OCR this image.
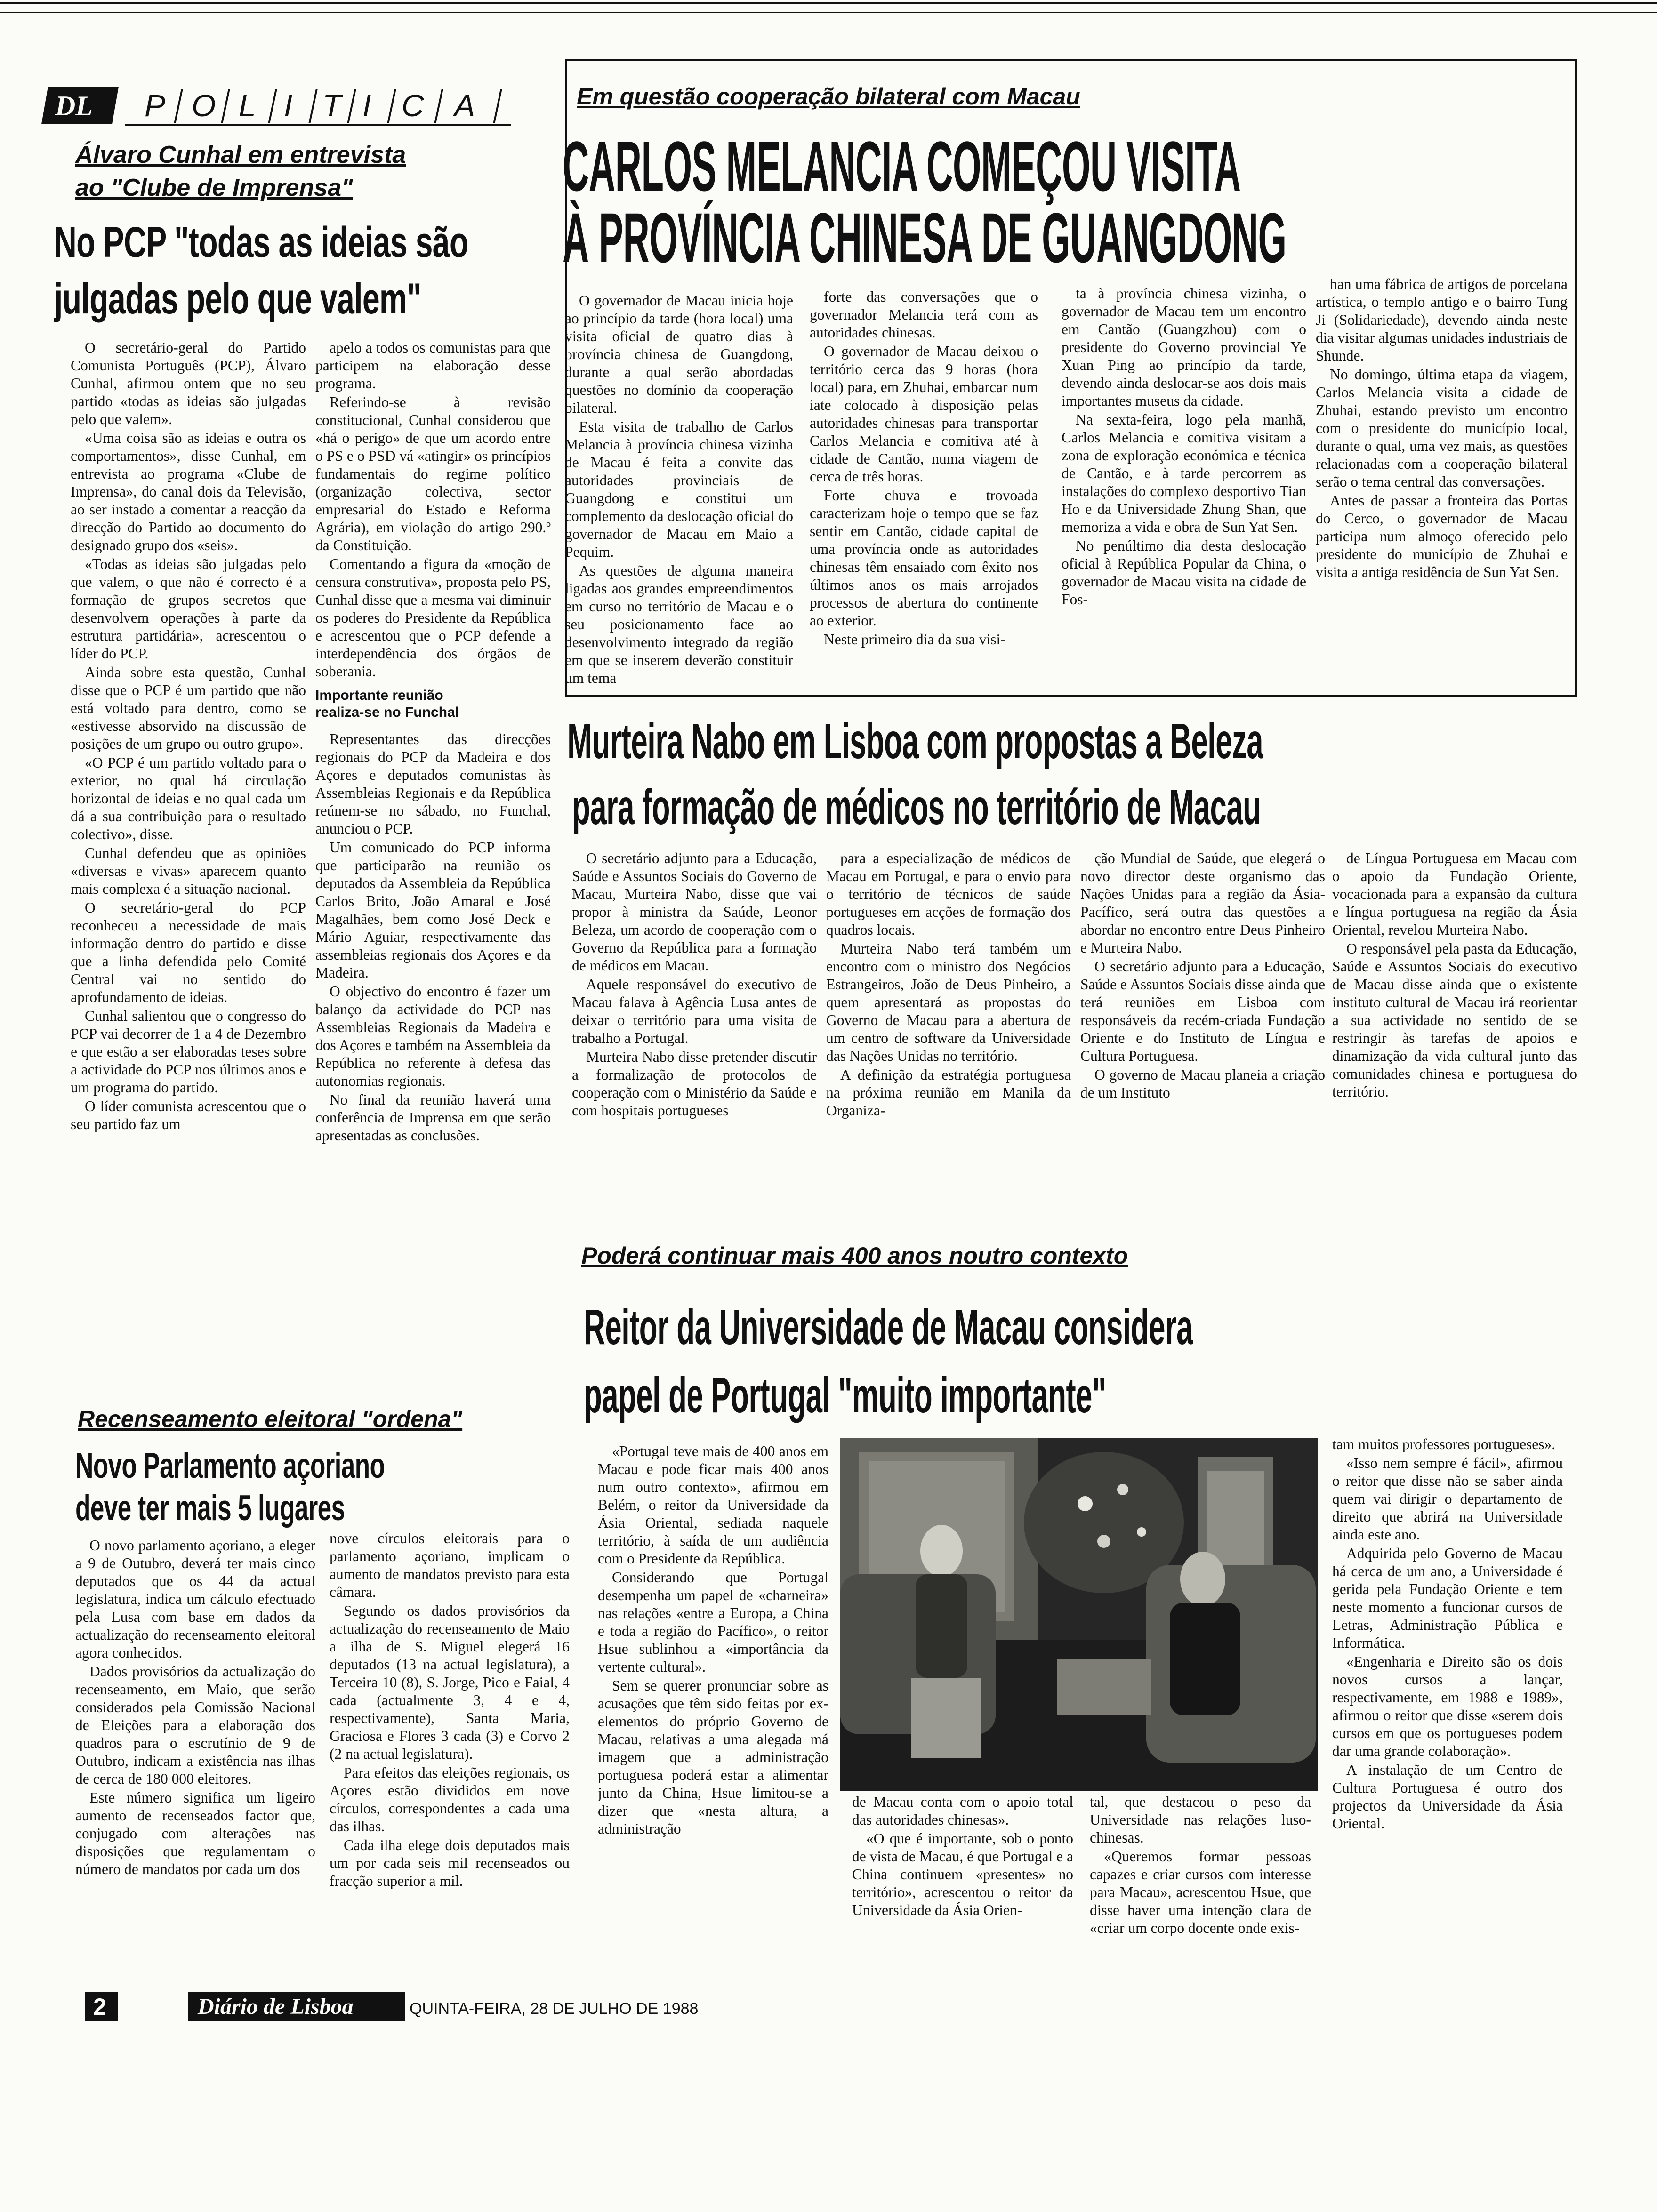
DL P O L I T I C A
Álvaro Cunhal em entrevista
ao "Clube de Imprensa"
No PCP "todas as ideias são
julgadas pelo que valem"

O secretário-geral do Partido Comunista Português (PCP), Álvaro Cunhal, afirmou ontem que no seu partido «todas as ideias são julgadas pelo que valem».

«Uma coisa são as ideias e outra os comportamentos», disse Cunhal, em entrevista ao programa «Clube de Imprensa», do canal dois da Televisão, ao ser instado a comentar a reacção da direcção do Partido ao documento do designado grupo dos «seis».

«Todas as ideias são julgadas pelo que valem, o que não é correcto é a formação de grupos secretos que desenvolvem operações à parte da estrutura partidária», acrescentou o líder do PCP.

Ainda sobre esta questão, Cunhal disse que o PCP é um partido que não está voltado para dentro, como se «estivesse absorvido na discussão de posições de um grupo ou outro grupo».

«O PCP é um partido voltado para o exterior, no qual há circulação horizontal de ideias e no qual cada um dá a sua contribuição para o resultado colectivo», disse.

Cunhal defendeu que as opiniões «diversas e vivas» aparecem quanto mais complexa é a situação nacional.

O secretário-geral do PCP reconheceu a necessidade de mais informação dentro do partido e disse que a linha defendida pelo Comité Central vai no sentido do aprofundamento de ideias.

Cunhal salientou que o congresso do PCP vai decorrer de 1 a 4 de Dezembro e que estão a ser elaboradas teses sobre a actividade do PCP nos últimos anos e um programa do partido.

O líder comunista acrescentou que o seu partido faz um

apelo a todos os comunistas para que participem na elaboração desse programa.

Referindo-se à revisão constitucional, Cunhal considerou que «há o perigo» de que um acordo entre o PS e o PSD vá «atingir» os princípios fundamentais do regime político (organização colectiva, sector empresarial do Estado e Reforma Agrária), em violação do artigo 290.º da Constituição.

Comentando a figura da «moção de censura construtiva», proposta pelo PS, Cunhal disse que a mesma vai diminuir os poderes do Presidente da República e acrescentou que o PCP defende a interdependência dos órgãos de soberania.

Importante reunião
realiza-se no Funchal

Representantes das direcções regionais do PCP da Madeira e dos Açores e deputados comunistas às Assembleias Regionais e da República reúnem-se no sábado, no Funchal, anunciou o PCP.

Um comunicado do PCP informa que participarão na reunião os deputados da Assembleia da República Carlos Brito, João Amaral e José Magalhães, bem como José Deck e Mário Aguiar, respectivamente das assembleias regionais dos Açores e da Madeira.

O objectivo do encontro é fazer um balanço da actividade do PCP nas Assembleias Regionais da Madeira e dos Açores e também na Assembleia da República no referente à defesa das autonomias regionais.

No final da reunião haverá uma conferência de Imprensa em que serão apresentadas as conclusões.

Em questão cooperação bilateral com Macau
CARLOS MELANCIA COMEÇOU VISITA
À PROVÍNCIA CHINESA DE GUANGDONG

O governador de Macau inicia hoje ao princípio da tarde (hora local) uma visita oficial de quatro dias à província chinesa de Guangdong, durante a qual serão abordadas questões no domínio da cooperação bilateral.

Esta visita de trabalho de Carlos Melancia à província chinesa vizinha de Macau é feita a convite das autoridades provinciais de Guangdong e constitui um complemento da deslocação oficial do governador de Macau em Maio a Pequim.

As questões de alguma maneira ligadas aos grandes empreendimentos em curso no território de Macau e o seu posicionamento face ao desenvolvimento integrado da região em que se inserem deverão constituir um tema

forte das conversações que o governador Melancia terá com as autoridades chinesas.

O governador de Macau deixou o território cerca das 9 horas (hora local) para, em Zhuhai, embarcar num iate colocado à disposição pelas autoridades chinesas para transportar Carlos Melancia e comitiva até à cidade de Cantão, numa viagem de cerca de três horas.

Forte chuva e trovoada caracterizam hoje o tempo que se faz sentir em Cantão, cidade capital de uma província onde as autoridades chinesas têm ensaiado com êxito nos últimos anos os mais arrojados processos de abertura do continente ao exterior.

Neste primeiro dia da sua visi-

ta à província chinesa vizinha, o governador de Macau tem um encontro em Cantão (Guangzhou) com o presidente do Governo provincial Ye Xuan Ping ao princípio da tarde, devendo ainda deslocar-se aos dois mais importantes museus da cidade.

Na sexta-feira, logo pela manhã, Carlos Melancia e comitiva visitam a zona de exploração económica e técnica de Cantão, e à tarde percorrem as instalações do complexo desportivo Tian Ho e da Universidade Zhung Shan, que memoriza a vida e obra de Sun Yat Sen.

No penúltimo dia desta deslocação oficial à República Popular da China, o governador de Macau visita na cidade de Fos-

han uma fábrica de artigos de porcelana artística, o templo antigo e o bairro Tung Ji (Solidariedade), devendo ainda neste dia visitar algumas unidades industriais de Shunde.

No domingo, última etapa da viagem, Carlos Melancia visita a cidade de Zhuhai, estando previsto um encontro com o presidente do município local, durante o qual, uma vez mais, as questões relacionadas com a cooperação bilateral serão o tema central das conversações.

Antes de passar a fronteira das Portas do Cerco, o governador de Macau participa num almoço oferecido pelo presidente do município de Zhuhai e visita a antiga residência de Sun Yat Sen.

Murteira Nabo em Lisboa com propostas a Beleza
para formação de médicos no território de Macau

O secretário adjunto para a Educação, Saúde e Assuntos Sociais do Governo de Macau, Murteira Nabo, disse que vai propor à ministra da Saúde, Leonor Beleza, um acordo de cooperação com o Governo da República para a formação de médicos em Macau.

Aquele responsável do executivo de Macau falava à Agência Lusa antes de deixar o território para uma visita de trabalho a Portugal.

Murteira Nabo disse pretender discutir a formalização de protocolos de cooperação com o Ministério da Saúde e com hospitais portugueses

para a especialização de médicos de Macau em Portugal, e para o envio para o território de técnicos de saúde portugueses em acções de formação dos quadros locais.

Murteira Nabo terá também um encontro com o ministro dos Negócios Estrangeiros, João de Deus Pinheiro, a quem apresentará as propostas do Governo de Macau para a abertura de um centro de software da Universidade das Nações Unidas no território.

A definição da estratégia portuguesa na próxima reunião em Manila da Organiza-

ção Mundial de Saúde, que elegerá o novo director deste organismo das Nações Unidas para a região da Ásia-Pacífico, será outra das questões a abordar no encontro entre Deus Pinheiro e Murteira Nabo.

O secretário adjunto para a Educação, Saúde e Assuntos Sociais disse ainda que terá reuniões em Lisboa com responsáveis da recém-criada Fundação Oriente e do Instituto de Língua e Cultura Portuguesa.

O governo de Macau planeia a criação de um Instituto

de Língua Portuguesa em Macau com o apoio da Fundação Oriente, vocacionada para a expansão da cultura e língua portuguesa na região da Ásia Oriental, revelou Murteira Nabo.

O responsável pela pasta da Educação, Saúde e Assuntos Sociais do executivo de Macau disse ainda que o existente instituto cultural de Macau irá reorientar a sua actividade no sentido de se restringir às tarefas de apoios e dinamização da vida cultural junto das comunidades chinesa e portuguesa do território.

Poderá continuar mais 400 anos noutro contexto
Reitor da Universidade de Macau considera
papel de Portugal "muito importante"

«Portugal teve mais de 400 anos em Macau e pode ficar mais 400 anos num outro contexto», afirmou em Belém, o reitor da Universidade da Ásia Oriental, sediada naquele território, à saída de um audiência com o Presidente da República.

Considerando que Portugal desempenha um papel de «charneira» nas relações «entre a Europa, a China e toda a região do Pacífico», o reitor Hsue sublinhou a «importância da vertente cultural».

Sem se querer pronunciar sobre as acusações que têm sido feitas por ex-elementos do próprio Governo de Macau, relativas a uma alegada má imagem que a administração portuguesa poderá estar a alimentar junto da China, Hsue limitou-se a dizer que «nesta altura, a administração

de Macau conta com o apoio total das autoridades chinesas».

«O que é importante, sob o ponto de vista de Macau, é que Portugal e a China continuem «presentes» no território», acrescentou o reitor da Universidade da Ásia Orien-

tal, que destacou o peso da Universidade nas relações luso-chinesas.

«Queremos formar pessoas capazes e criar cursos com interesse para Macau», acrescentou Hsue, que disse haver uma intenção clara de «criar um corpo docente onde exis-

tam muitos professores portugueses».

«Isso nem sempre é fácil», afirmou o reitor que disse não se saber ainda quem vai dirigir o departamento de direito que abrirá na Universidade ainda este ano.

Adquirida pelo Governo de Macau há cerca de um ano, a Universidade é gerida pela Fundação Oriente e tem neste momento a funcionar cursos de Letras, Administração Pública e Informática.

«Engenharia e Direito são os dois novos cursos a lançar, respectivamente, em 1988 e 1989», afirmou o reitor que disse «serem dois cursos em que os portugueses podem dar uma grande colaboração».

A instalação de um Centro de Cultura Portuguesa é outro dos projectos da Universidade da Ásia Oriental.

Recenseamento eleitoral "ordena"
Novo Parlamento açoriano
deve ter mais 5 lugares

O novo parlamento açoriano, a eleger a 9 de Outubro, deverá ter mais cinco deputados que os 44 da actual legislatura, indica um cálculo efectuado pela Lusa com base em dados da actualização do recenseamento eleitoral agora conhecidos.

Dados provisórios da actualização do recenseamento, em Maio, que serão considerados pela Comissão Nacional de Eleições para a elaboração dos quadros para o escrutínio de 9 de Outubro, indicam a existência nas ilhas de cerca de 180 000 eleitores.

Este número significa um ligeiro aumento de recenseados factor que, conjugado com alterações nas disposições que regulamentam o número de mandatos por cada um dos

nove círculos eleitorais para o parlamento açoriano, implicam o aumento de mandatos previsto para esta câmara.

Segundo os dados provisórios da actualização do recenseamento de Maio a ilha de S. Miguel elegerá 16 deputados (13 na actual legislatura), a Terceira 10 (8), S. Jorge, Pico e Faial, 4 cada (actualmente 3, 4 e 4, respectivamente), Santa Maria, Graciosa e Flores 3 cada (3) e Corvo 2 (2 na actual legislatura).

Para efeitos das eleições regionais, os Açores estão divididos em nove círculos, correspondentes a cada uma das ilhas.

Cada ilha elege dois deputados mais um por cada seis mil recenseados ou fracção superior a mil.

2	Diário de Lisboa	QUINTA-FEIRA, 28 DE JULHO DE 1988
